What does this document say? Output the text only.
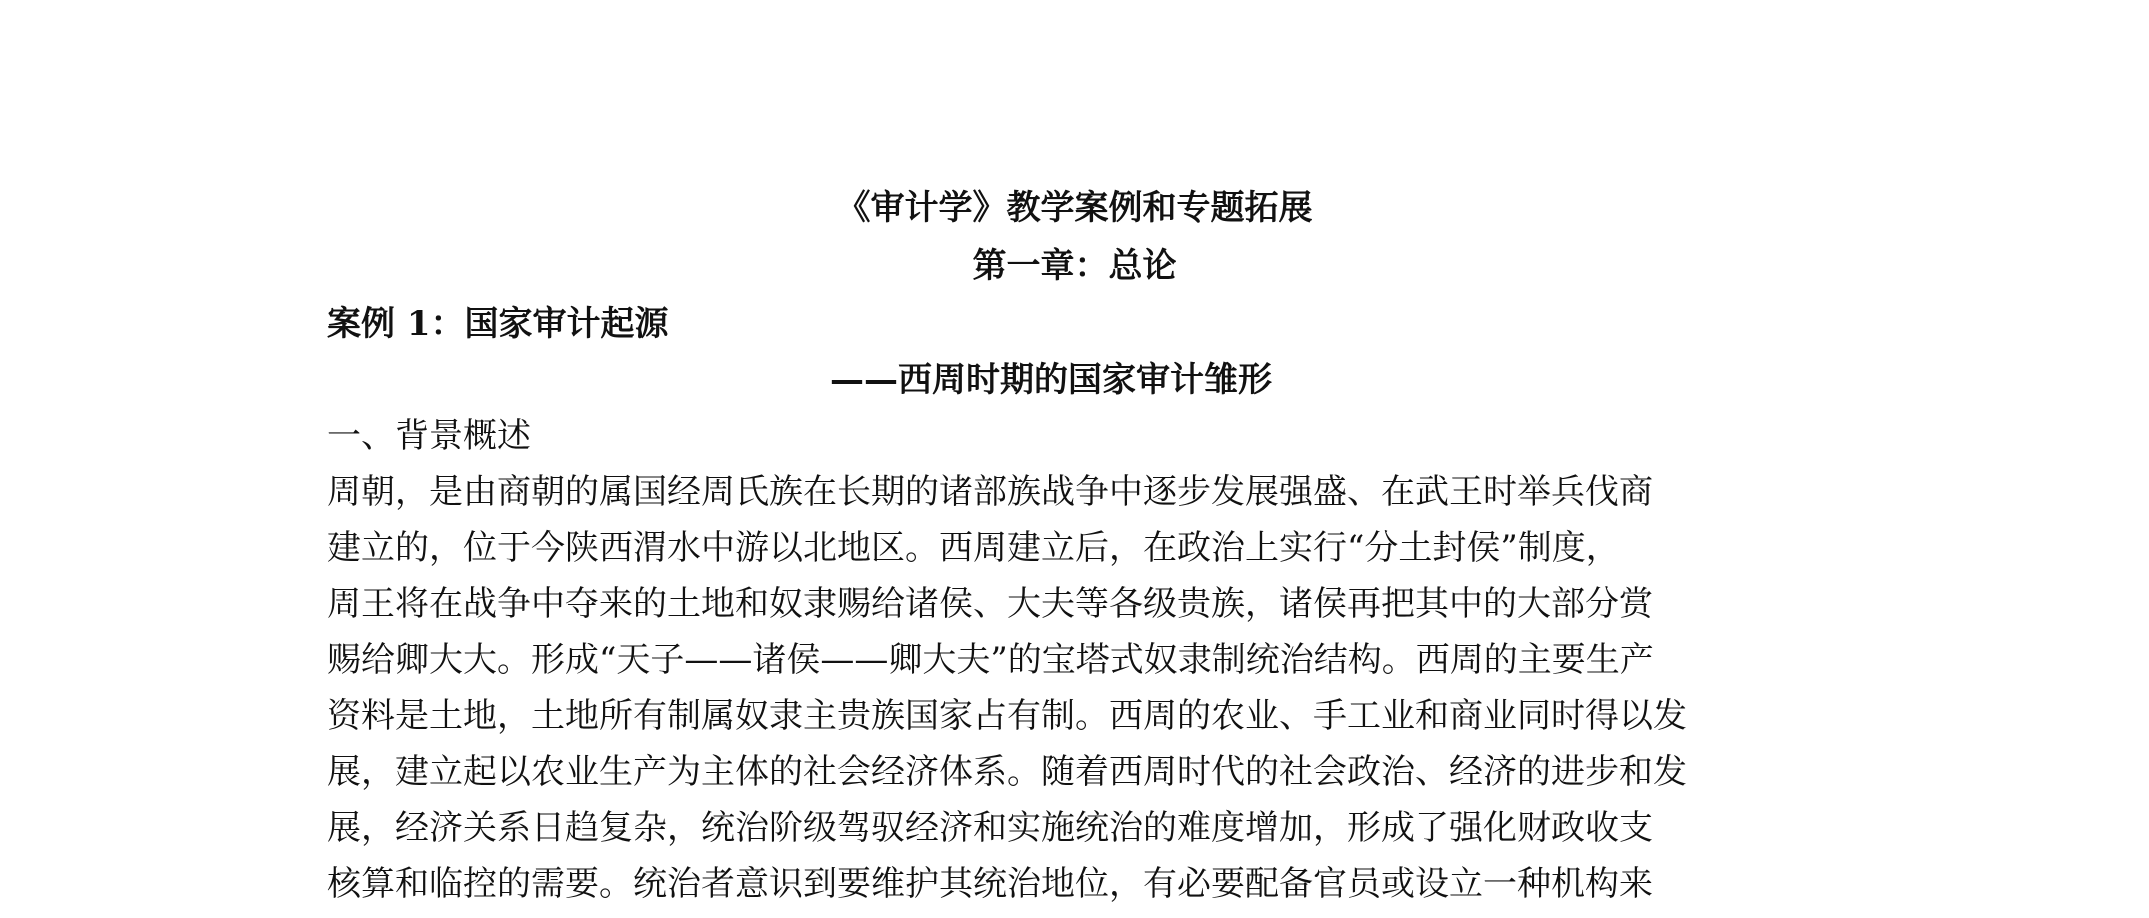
《审计学》教学案例和专题拓展
第一章：总论
案例 1：国家审计起源
——西周时期的国家审计雏形
一、背景概述
周朝，是由商朝的属国经周氏族在长期的诸部族战争中逐步发展强盛、在武王时举兵伐商
建立的，位于今陕西渭水中游以北地区。西周建立后，在政治上实行“分土封侯”制度，
周王将在战争中夺来的土地和奴隶赐给诸侯、大夫等各级贵族，诸侯再把其中的大部分赏
赐给卿大大。形成“天子——诸侯——卿大夫”的宝塔式奴隶制统治结构。西周的主要生产
资料是土地，土地所有制属奴隶主贵族国家占有制。西周的农业、手工业和商业同时得以发
展，建立起以农业生产为主体的社会经济体系。随着西周时代的社会政治、经济的进步和发
展，经济关系日趋复杂，统治阶级驾驭经济和实施统治的难度增加，形成了强化财政收支
核算和临控的需要。统治者意识到要维护其统治地位，有必要配备官员或设立一种机构来
